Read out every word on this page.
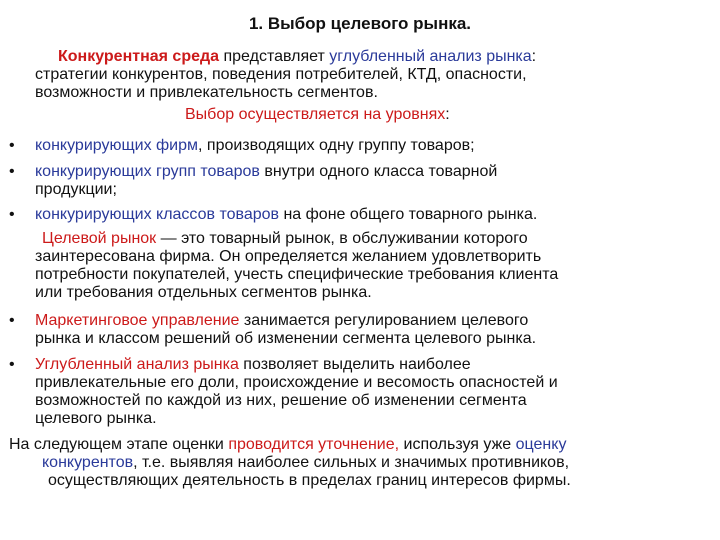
1. Выбор целевого рынка.
Конкурентная среда представляет углубленный анализ рынка:
стратегии конкурентов, поведения потребителей, КТД, опасности,
возможности и привлекательность сегментов.
Выбор осуществляется на уровнях:
• конкурирующих фирм, производящих одну группу товаров;
• конкурирующих групп товаров внутри одного класса товарной
продукции;
• конкурирующих классов товаров на фоне общего товарного рынка.
Целевой рынок — это товарный рынок, в обслуживании которого
заинтересована фирма. Он определяется желанием удовлетворить
потребности покупателей, учесть специфические требования клиента
или требования отдельных сегментов рынка.
• Маркетинговое управление занимается регулированием целевого
рынка и классом решений об изменении сегмента целевого рынка.
• Углубленный анализ рынка позволяет выделить наиболее
привлекательные его доли, происхождение и весомость опасностей и
возможностей по каждой из них, решение об изменении сегмента
целевого рынка.
На следующем этапе оценки проводится уточнение, используя уже оценку
конкурентов, т.е. выявляя наиболее сильных и значимых противников,
осуществляющих деятельность в пределах границ интересов фирмы.
